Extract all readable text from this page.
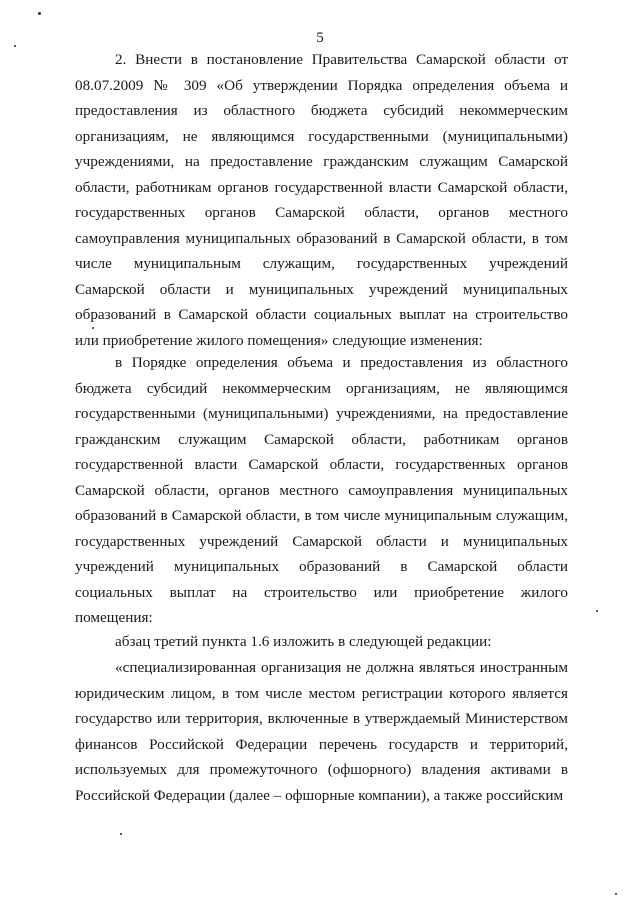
5

2. Внести в постановление Правительства Самарской области от 08.07.2009 № 309 «Об утверждении Порядка определения объема и предоставления из областного бюджета субсидий некоммерческим организациям, не являющимся государственными (муниципальными) учреждениями, на предоставление гражданским служащим Самарской области, работникам органов государственной власти Самарской области, государственных органов Самарской области, органов местного самоуправления муниципальных образований в Самарской области, в том числе муниципальным служащим, государственных учреждений Самарской области и муниципальных учреждений муниципальных образований в Самарской области социальных выплат на строительство или приобретение жилого помещения» следующие изменения:

в Порядке определения объема и предоставления из областного бюджета субсидий некоммерческим организациям, не являющимся государственными (муниципальными) учреждениями, на предоставление гражданским служащим Самарской области, работникам органов государственной власти Самарской области, государственных органов Самарской области, органов местного самоуправления муниципальных образований в Самарской области, в том числе муниципальным служащим, государственных учреждений Самарской области и муниципальных учреждений муниципальных образований в Самарской области социальных выплат на строительство или приобретение жилого помещения:

абзац третий пункта 1.6 изложить в следующей редакции:

«специализированная организация не должна являться иностранным юридическим лицом, в том числе местом регистрации которого является государство или территория, включенные в утверждаемый Министерством финансов Российской Федерации перечень государств и территорий, используемых для промежуточного (офшорного) владения активами в Российской Федерации (далее – офшорные компании), а также российским
